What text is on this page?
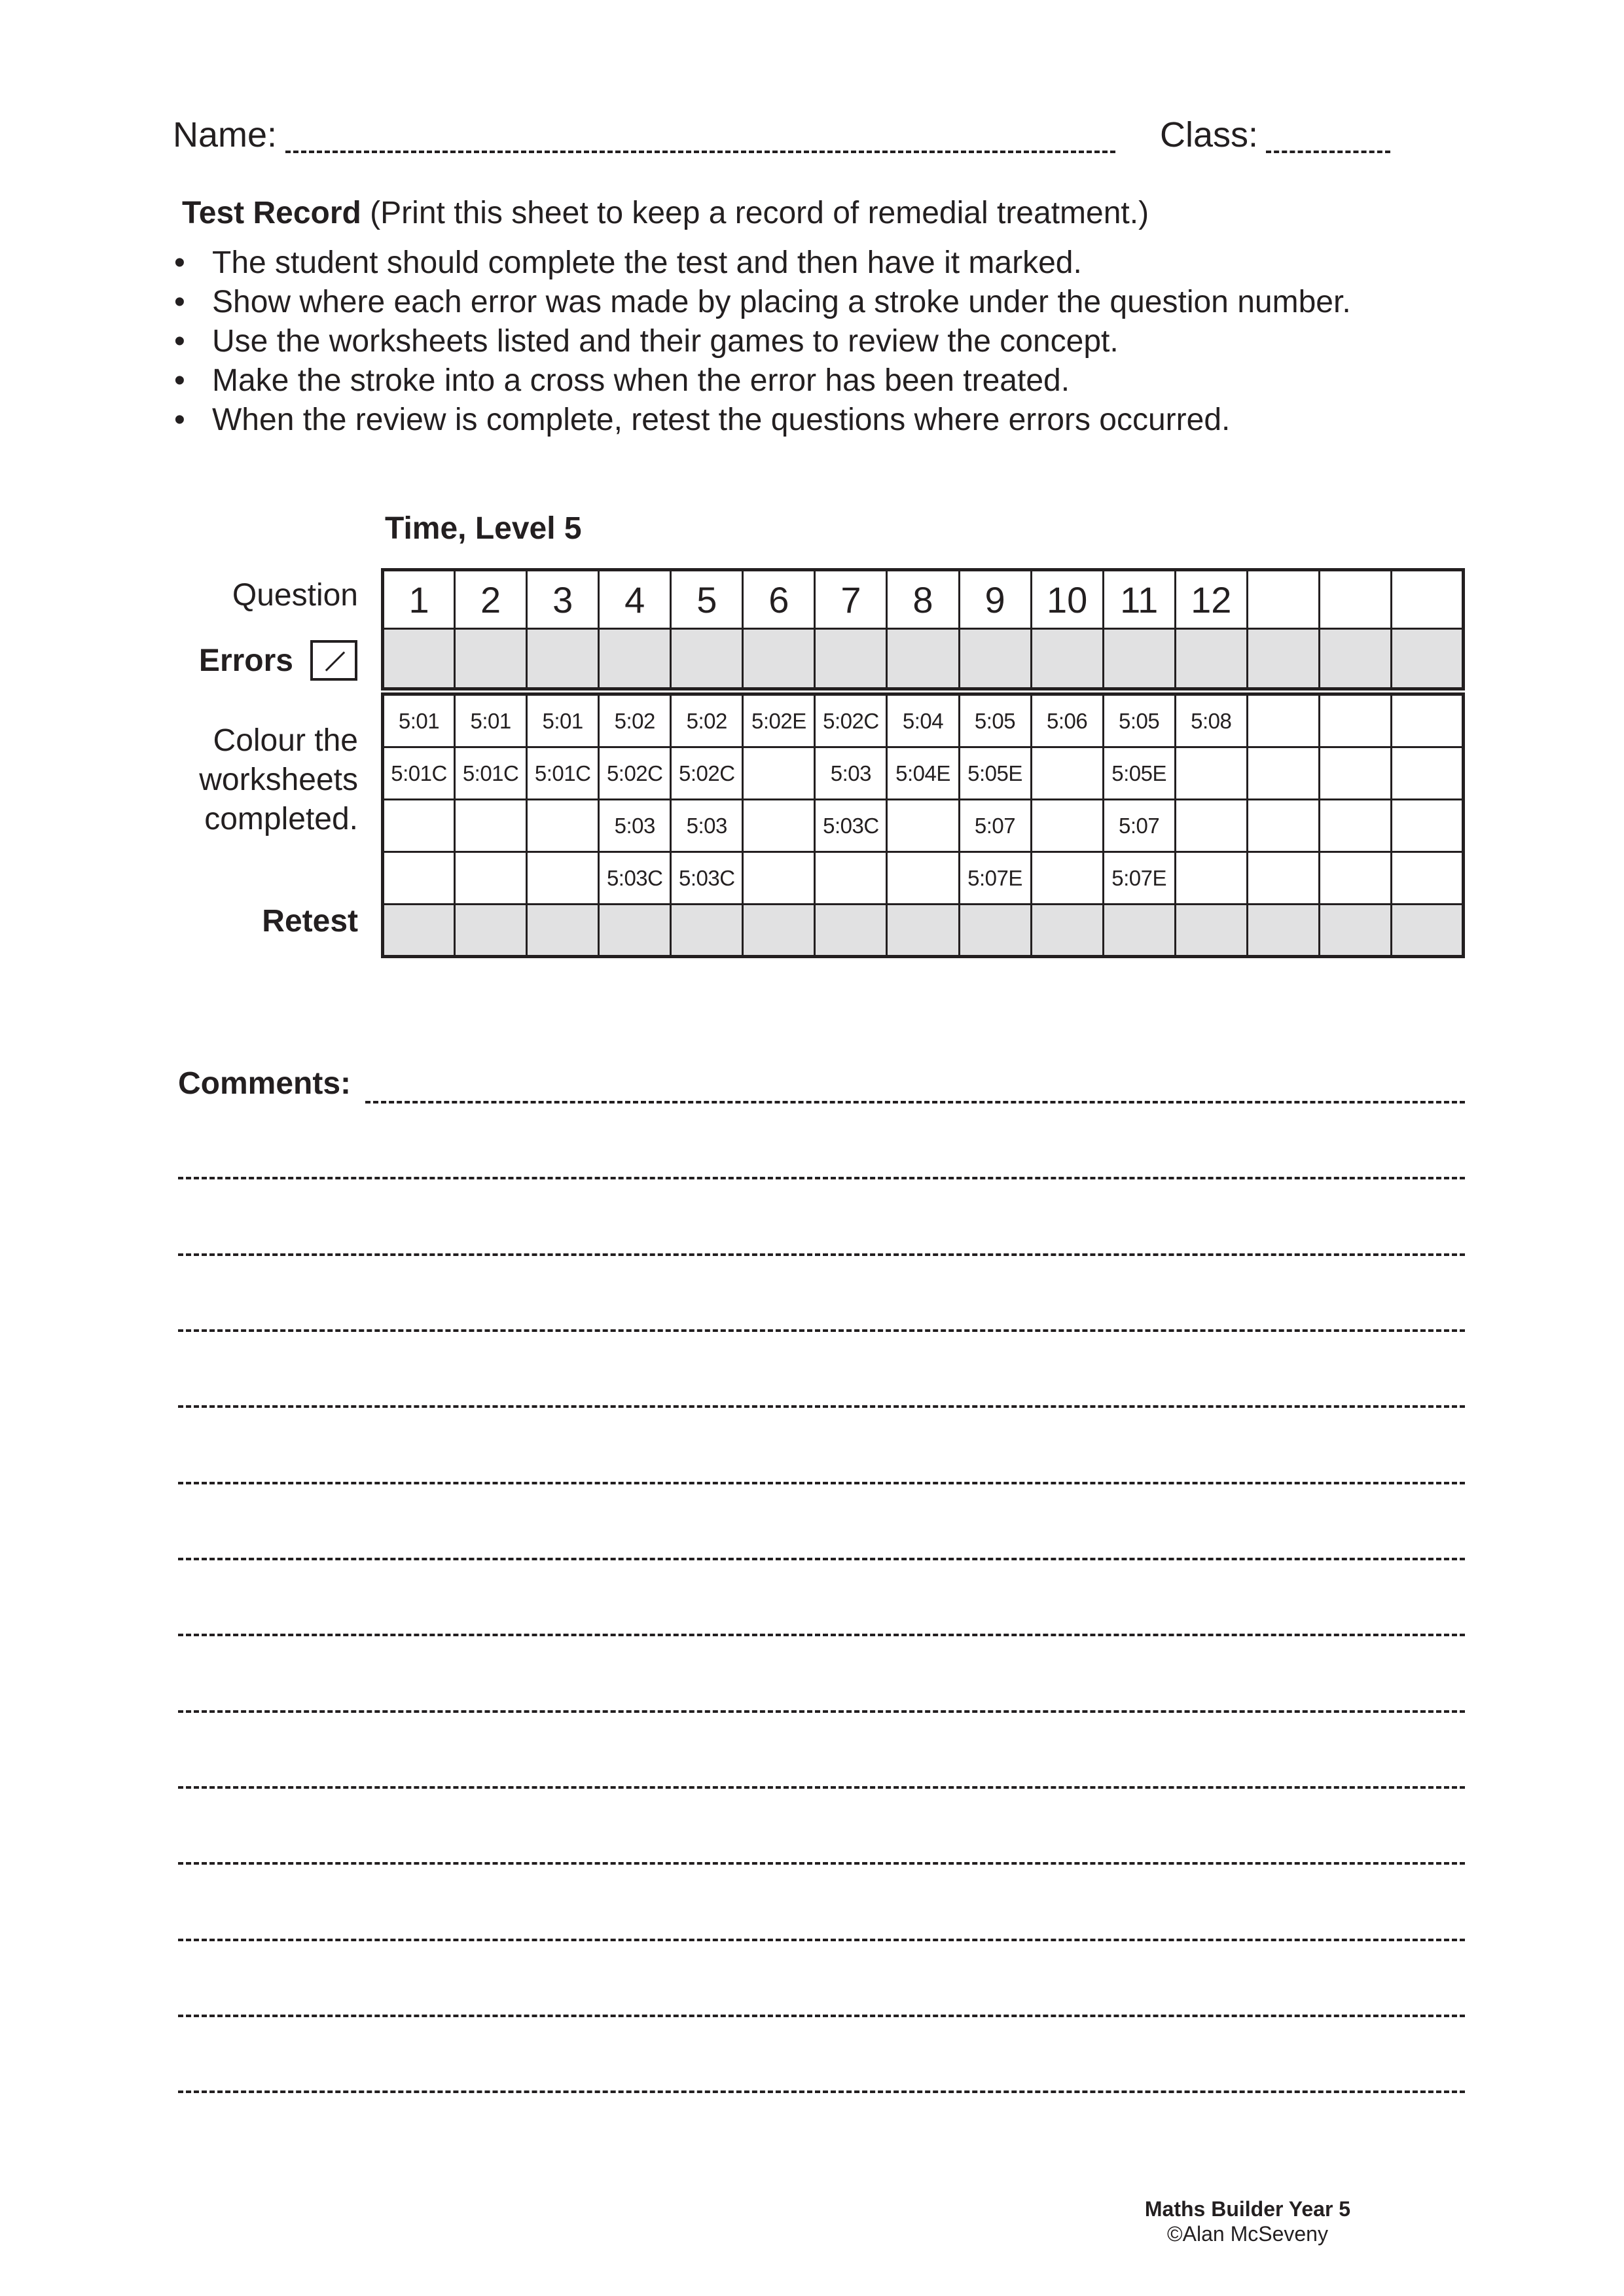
Name:	Class:
Test Record (Print this sheet to keep a record of remedial treatment.)
• The student should complete the test and then have it marked.
• Show where each error was made by placing a stroke under the question number.
• Use the worksheets listed and their games to review the concept.
• Make the stroke into a cross when the error has been treated.
• When the review is complete, retest the questions where errors occurred.
Time, Level 5
Question
Errors
Colour the
worksheets
completed.
Retest
1	2	3	4	5	6	7	8	9	10	11	12			

5:01	5:01	5:01	5:02	5:02	5:02E	5:02C	5:04	5:05	5:06	5:05	5:08			
5:01C	5:01C	5:01C	5:02C	5:02C		5:03	5:04E	5:05E		5:05E				
			5:03	5:03		5:03C		5:07		5:07				
			5:03C	5:03C				5:07E		5:07E				

Comments:
Maths Builder Year 5
©Alan McSeveny
